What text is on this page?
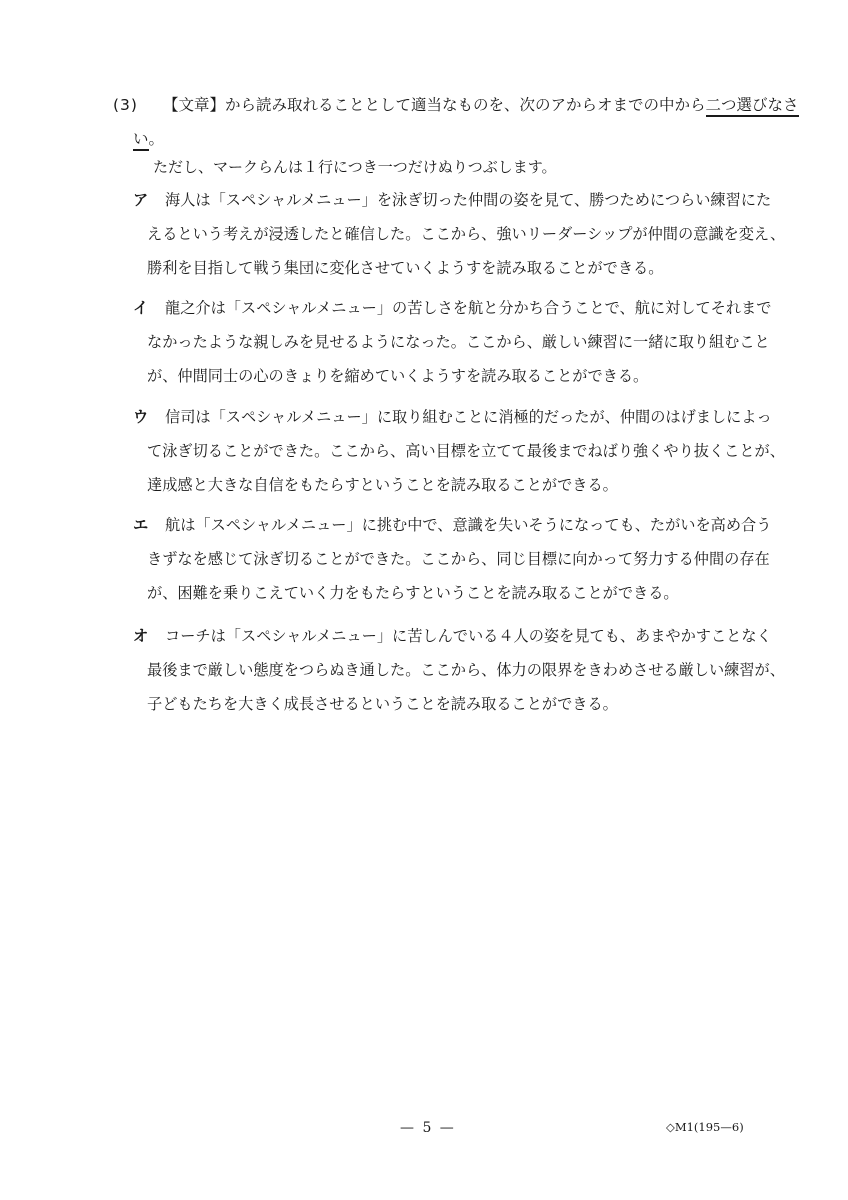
(3) 【文章】から読み取れることとして適当なものを、次のアからオまでの中から二つ選びなさ
い。
ただし、マークらんは１行につき一つだけぬりつぶします。
ア 海人は「スペシャルメニュー」を泳ぎ切った仲間の姿を見て、勝つためにつらい練習にた
えるという考えが浸透したと確信した。ここから、強いリーダーシップが仲間の意識を変え、
勝利を目指して戦う集団に変化させていくようすを読み取ることができる。
イ 龍之介は「スペシャルメニュー」の苦しさを航と分かち合うことで、航に対してそれまで
なかったような親しみを見せるようになった。ここから、厳しい練習に一緒に取り組むこと
が、仲間同士の心のきょりを縮めていくようすを読み取ることができる。
ウ 信司は「スペシャルメニュー」に取り組むことに消極的だったが、仲間のはげましによっ
て泳ぎ切ることができた。ここから、高い目標を立てて最後までねばり強くやり抜くことが、
達成感と大きな自信をもたらすということを読み取ることができる。
エ 航は「スペシャルメニュー」に挑む中で、意識を失いそうになっても、たがいを高め合う
きずなを感じて泳ぎ切ることができた。ここから、同じ目標に向かって努力する仲間の存在
が、困難を乗りこえていく力をもたらすということを読み取ることができる。
オ コーチは「スペシャルメニュー」に苦しんでいる４人の姿を見ても、あまやかすことなく
最後まで厳しい態度をつらぬき通した。ここから、体力の限界をきわめさせる厳しい練習が、
子どもたちを大きく成長させるということを読み取ることができる。
— 5 —	◇M1(195—6)
